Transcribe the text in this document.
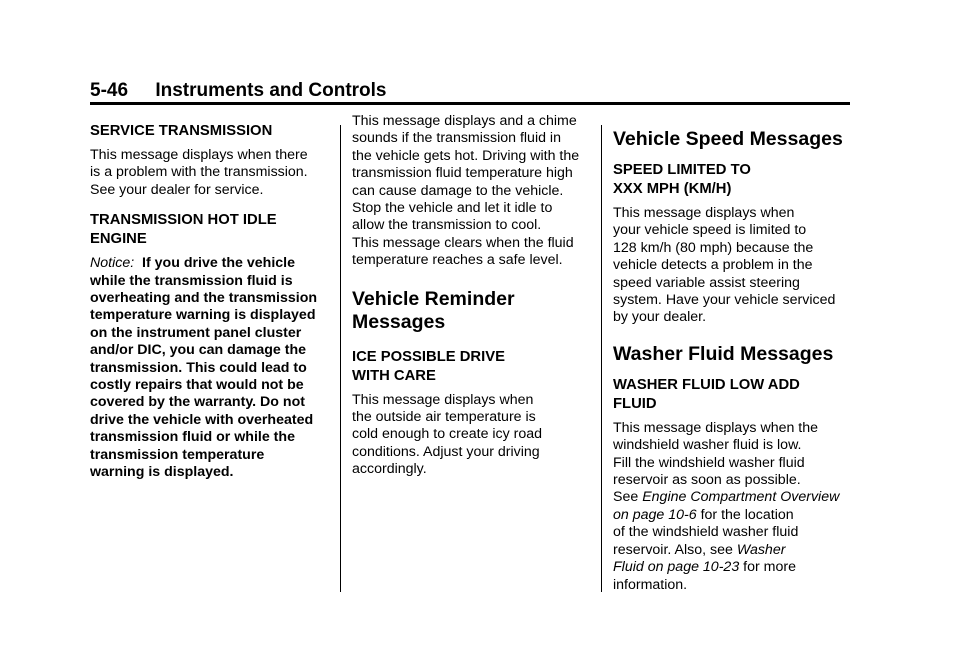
5-46 Instruments and Controls
SERVICE TRANSMISSION

This message displays when there
is a problem with the transmission.
See your dealer for service.

TRANSMISSION HOT IDLE
ENGINE

Notice: If you drive the vehicle
while the transmission fluid is
overheating and the transmission
temperature warning is displayed
on the instrument panel cluster
and/or DIC, you can damage the
transmission. This could lead to
costly repairs that would not be
covered by the warranty. Do not
drive the vehicle with overheated
transmission fluid or while the
transmission temperature
warning is displayed.

This message displays and a chime
sounds if the transmission fluid in
the vehicle gets hot. Driving with the
transmission fluid temperature high
can cause damage to the vehicle.
Stop the vehicle and let it idle to
allow the transmission to cool.
This message clears when the fluid
temperature reaches a safe level.

Vehicle Reminder
Messages
ICE POSSIBLE DRIVE
WITH CARE

This message displays when
the outside air temperature is
cold enough to create icy road
conditions. Adjust your driving
accordingly.

Vehicle Speed Messages
SPEED LIMITED TO
XXX MPH (KM/H)

This message displays when
your vehicle speed is limited to
128 km/h (80 mph) because the
vehicle detects a problem in the
speed variable assist steering
system. Have your vehicle serviced
by your dealer.

Washer Fluid Messages
WASHER FLUID LOW ADD
FLUID

This message displays when the
windshield washer fluid is low.
Fill the windshield washer fluid
reservoir as soon as possible.
See Engine Compartment Overview
on page 10-6 for the location
of the windshield washer fluid
reservoir. Also, see Washer
Fluid on page 10-23 for more
information.
